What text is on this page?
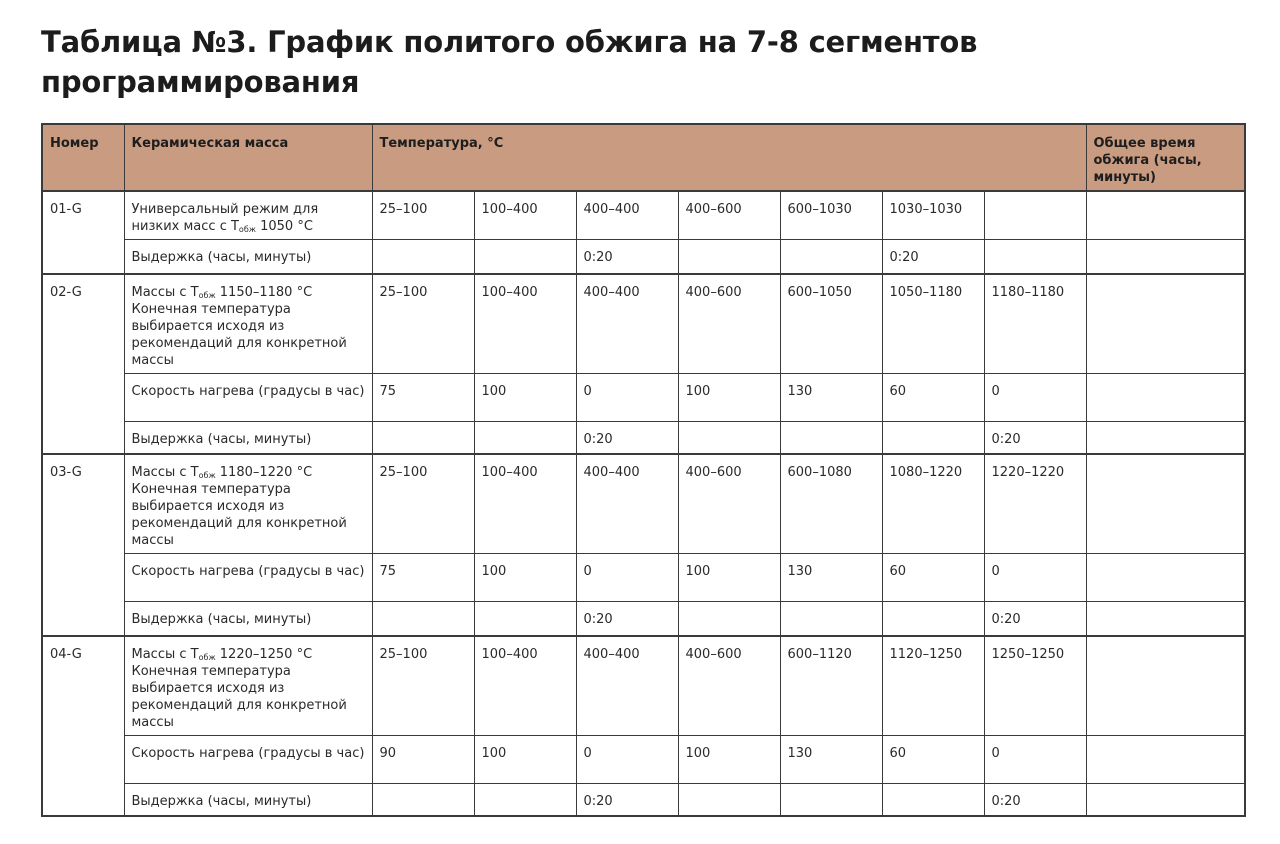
Таблица №3. График политого обжига на 7-8 сегментов программирования
Номер	Керамическая масса	Температура, °C							Общее время обжига (часы, минуты)
01-G	Универсальный режим для низких масс с $T_{обж}$ 1050 °C	25–100	100–400	400–400	400–600	600–1030	1030–1030		
	Выдержка (часы, минуты)			0:20			0:20		
02-G	Массы с $T_{обж}$ 1150–1180 °C Конечная температура выбирается исходя из рекомендаций для конкретной массы	25–100	100–400	400–400	400–600	600–1050	1050–1180	1180–1180	
	Скорость нагрева (градусы в час)	75	100	0	100	130	60	0	
	Выдержка (часы, минуты)			0:20				0:20	
03-G	Массы с $T_{обж}$ 1180–1220 °C Конечная температура выбирается исходя из рекомендаций для конкретной массы	25–100	100–400	400–400	400–600	600–1080	1080–1220	1220–1220	
	Скорость нагрева (градусы в час)	75	100	0	100	130	60	0	
	Выдержка (часы, минуты)			0:20				0:20	
04-G	Массы с $T_{обж}$ 1220–1250 °C Конечная температура выбирается исходя из рекомендаций для конкретной массы	25–100	100–400	400–400	400–600	600–1120	1120–1250	1250–1250	
	Скорость нагрева (градусы в час)	90	100	0	100	130	60	0	
	Выдержка (часы, минуты)			0:20				0:20	
